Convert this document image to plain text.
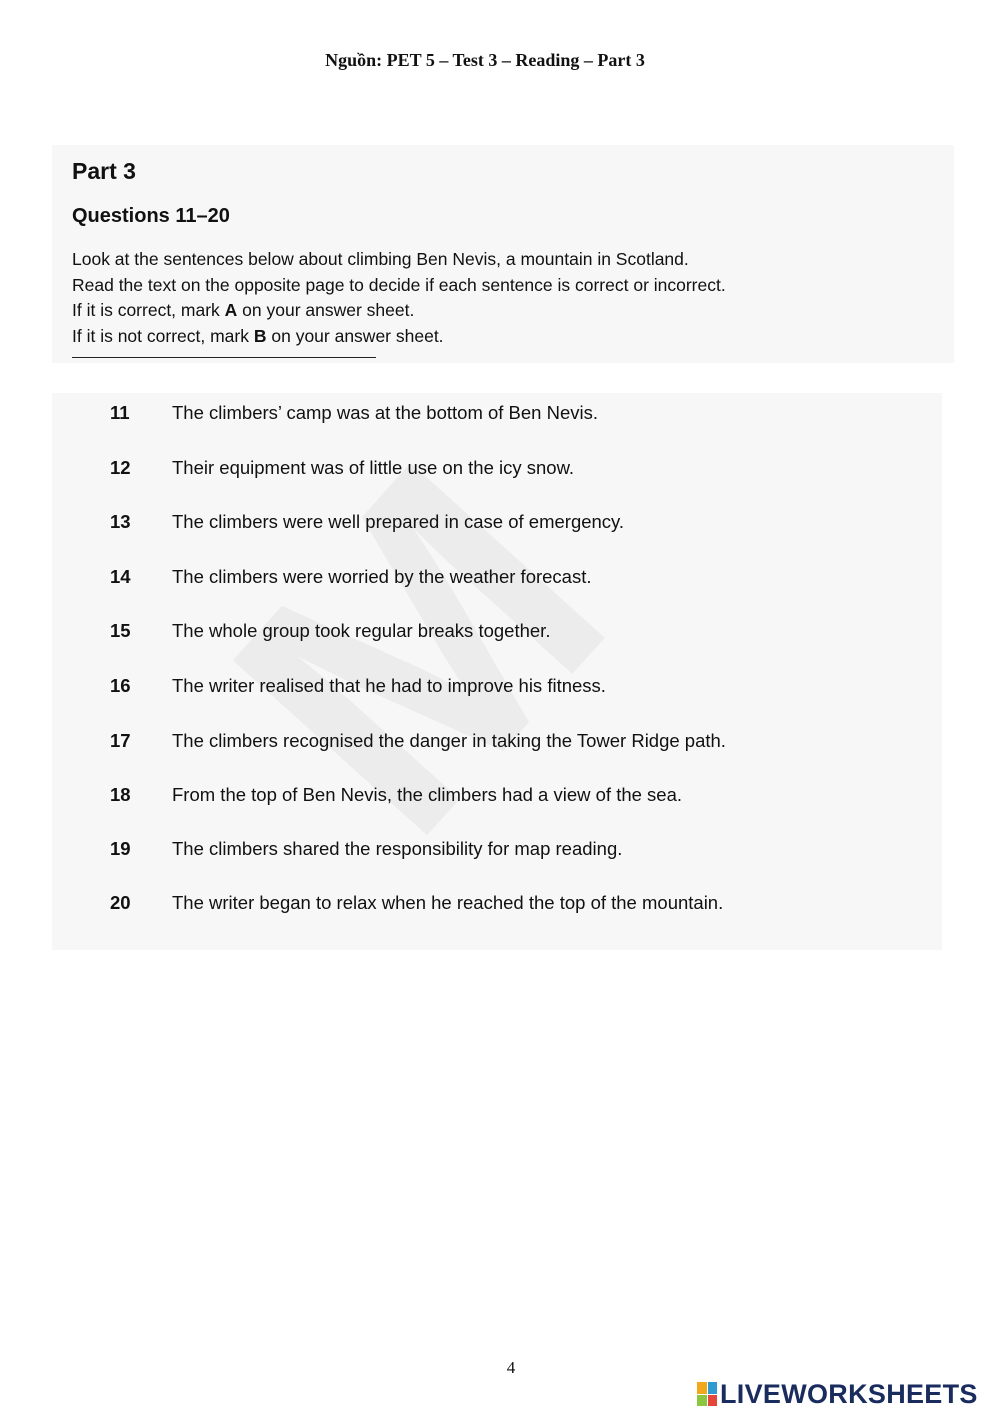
Nguồn: PET 5 – Test 3 – Reading – Part 3
Part 3
Questions 11–20

Look at the sentences below about climbing Ben Nevis, a mountain in Scotland.

Read the text on the opposite page to decide if each sentence is correct or incorrect.

If it is correct, mark A on your answer sheet.

If it is not correct, mark B on your answer sheet.

11	The climbers’ camp was at the bottom of Ben Nevis.
12	Their equipment was of little use on the icy snow.
13	The climbers were well prepared in case of emergency.
14	The climbers were worried by the weather forecast.
15	The whole group took regular breaks together.
16	The writer realised that he had to improve his fitness.
17	The climbers recognised the danger in taking the Tower Ridge path.
18	From the top of Ben Nevis, the climbers had a view of the sea.
19	The climbers shared the responsibility for map reading.
20	The writer began to relax when he reached the top of the mountain.
4
LIVEWORKSHEETS
